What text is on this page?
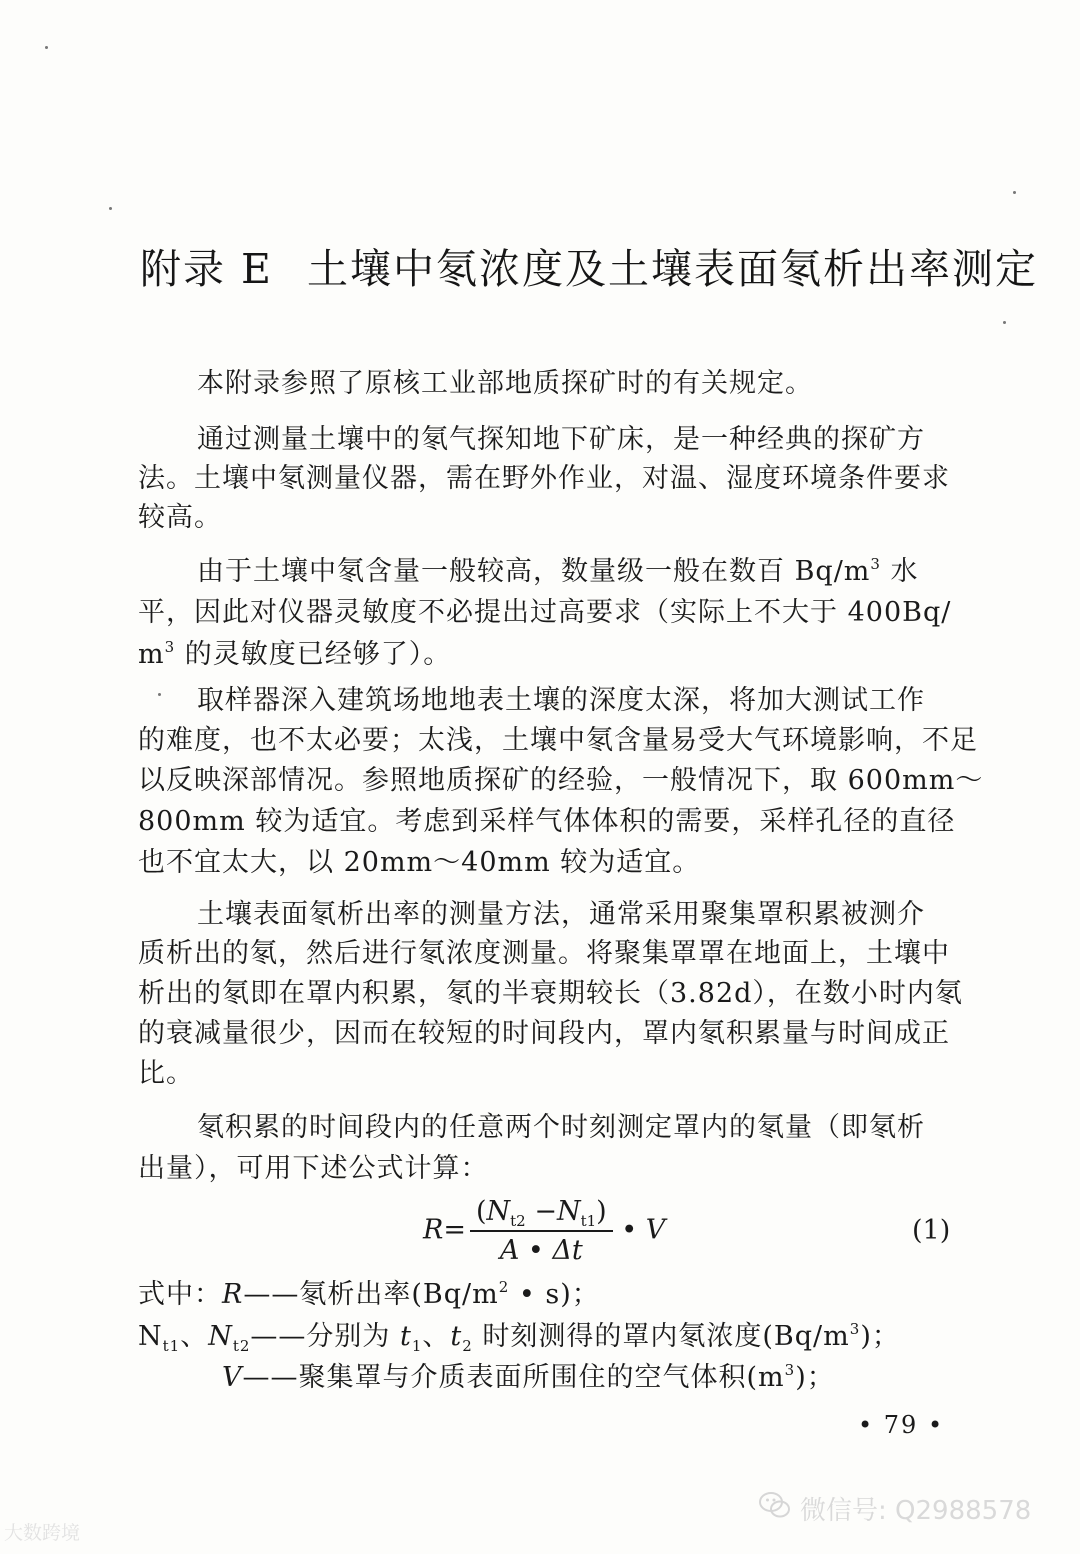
附录 E 土壤中氡浓度及土壤表面氡析出率测定
本附录参照了原核工业部地质探矿时的有关规定。
通过测量土壤中的氡气探知地下矿床，是一种经典的探矿方
法。土壤中氡测量仪器，需在野外作业，对温、湿度环境条件要求
较高。
由于土壤中氡含量一般较高，数量级一般在数百 $Bq/m^3$ 水
平，因此对仪器灵敏度不必提出过高要求（实际上不大于 400Bq/
$m^3$ 的灵敏度已经够了）。
取样器深入建筑场地地表土壤的深度太深，将加大测试工作
的难度，也不太必要；太浅，土壤中氡含量易受大气环境影响，不足
以反映深部情况。参照地质探矿的经验，一般情况下，取 600mm～
800mm 较为适宜。考虑到采样气体体积的需要，采样孔径的直径
也不宜太大，以 20mm～40mm 较为适宜。
土壤表面氡析出率的测量方法，通常采用聚集罩积累被测介
质析出的氡，然后进行氡浓度测量。将聚集罩罩在地面上，土壤中
析出的氡即在罩内积累，氡的半衰期较长（3.82d），在数小时内氡
的衰减量很少，因而在较短的时间段内，罩内氡积累量与时间成正
比。
氡积累的时间段内的任意两个时刻测定罩内的氡量（即氡析
出量），可用下述公式计算：
$R= \frac{(N_{t2} -N_{t1})}{A • \Delta t}$ • V	(1)
式中：R——氡析出率($Bq/m^2$ • s)；
$N_{t1}$、$N_{t2}——$分别为 $t_1$、$t_2$ 时刻测得的罩内氡浓度$(Bq/m^3)$；
V——聚集罩与介质表面所围住的空气体积$(m^3)$；
• 79 •
微信号: Q2988578
大数跨境
